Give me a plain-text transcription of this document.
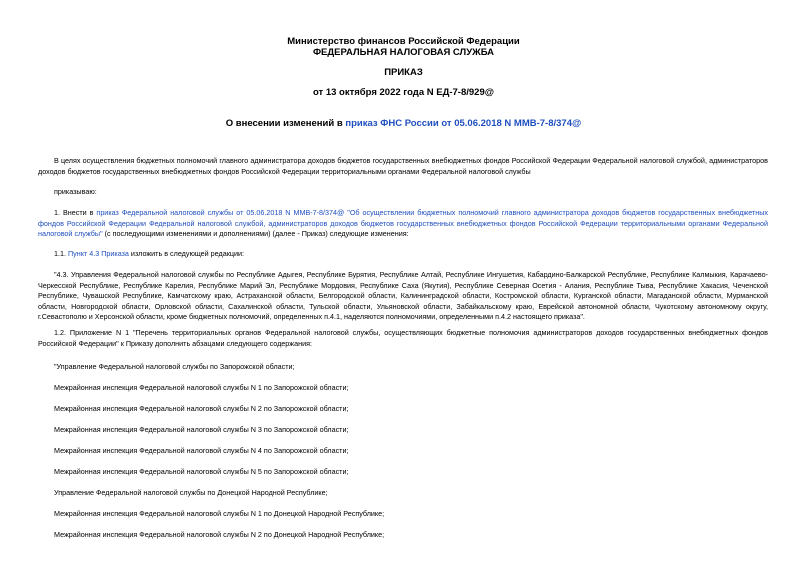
Министерство финансов Российской Федерации
ФЕДЕРАЛЬНАЯ НАЛОГОВАЯ СЛУЖБА
ПРИКАЗ
от 13 октября 2022 года N ЕД-7-8/929@
О внесении изменений в приказ ФНС России от 05.06.2018 N ММВ-7-8/374@

В целях осуществления бюджетных полномочий главного администратора доходов бюджетов государственных внебюджетных фондов Российской Федерации Федеральной налоговой службой, администраторов доходов бюджетов государственных внебюджетных фондов Российской Федерации территориальными органами Федеральной налоговой службы

приказываю:

1. Внести в приказ Федеральной налоговой службы от 05.06.2018 N ММВ-7-8/374@ "Об осуществлении бюджетных полномочий главного администратора доходов бюджетов государственных внебюджетных фондов Российской Федерации Федеральной налоговой службой, администраторов доходов бюджетов государственных внебюджетных фондов Российской Федерации территориальными органами Федеральной налоговой службы" (с последующими изменениями и дополнениями) (далее - Приказ) следующие изменения:

1.1. Пункт 4.3 Приказа изложить в следующей редакции:

"4.3. Управления Федеральной налоговой службы по Республике Адыгея, Республике Бурятия, Республике Алтай, Республике Ингушетия, Кабардино-Балкарской Республике, Республике Калмыкия, Карачаево-Черкесской Республике, Республике Карелия, Республике Марий Эл, Республике Мордовия, Республике Саха (Якутия), Республике Северная Осетия - Алания, Республике Тыва, Республике Хакасия, Чеченской Республике, Чувашской Республике, Камчатскому краю, Астраханской области, Белгородской области, Калининградской области, Костромской области, Курганской области, Магаданской области, Мурманской области, Новгородской области, Орловской области, Сахалинской области, Тульской области, Ульяновской области, Забайкальскому краю, Еврейской автономной области, Чукотскому автономному округу, г.Севастополю и Херсонской области, кроме бюджетных полномочий, определенных п.4.1, наделяются полномочиями, определенными п.4.2 настоящего приказа".

1.2. Приложение N 1 "Перечень территориальных органов Федеральной налоговой службы, осуществляющих бюджетные полномочия администраторов доходов государственных внебюджетных фондов Российской Федерации" к Приказу дополнить абзацами следующего содержания:

"Управление Федеральной налоговой службы по Запорожской области;
Межрайонная инспекция Федеральной налоговой службы N 1 по Запорожской области;
Межрайонная инспекция Федеральной налоговой службы N 2 по Запорожской области;
Межрайонная инспекция Федеральной налоговой службы N 3 по Запорожской области;
Межрайонная инспекция Федеральной налоговой службы N 4 по Запорожской области;
Межрайонная инспекция Федеральной налоговой службы N 5 по Запорожской области;
Управление Федеральной налоговой службы по Донецкой Народной Республике;
Межрайонная инспекция Федеральной налоговой службы N 1 по Донецкой Народной Республике;
Межрайонная инспекция Федеральной налоговой службы N 2 по Донецкой Народной Республике;
